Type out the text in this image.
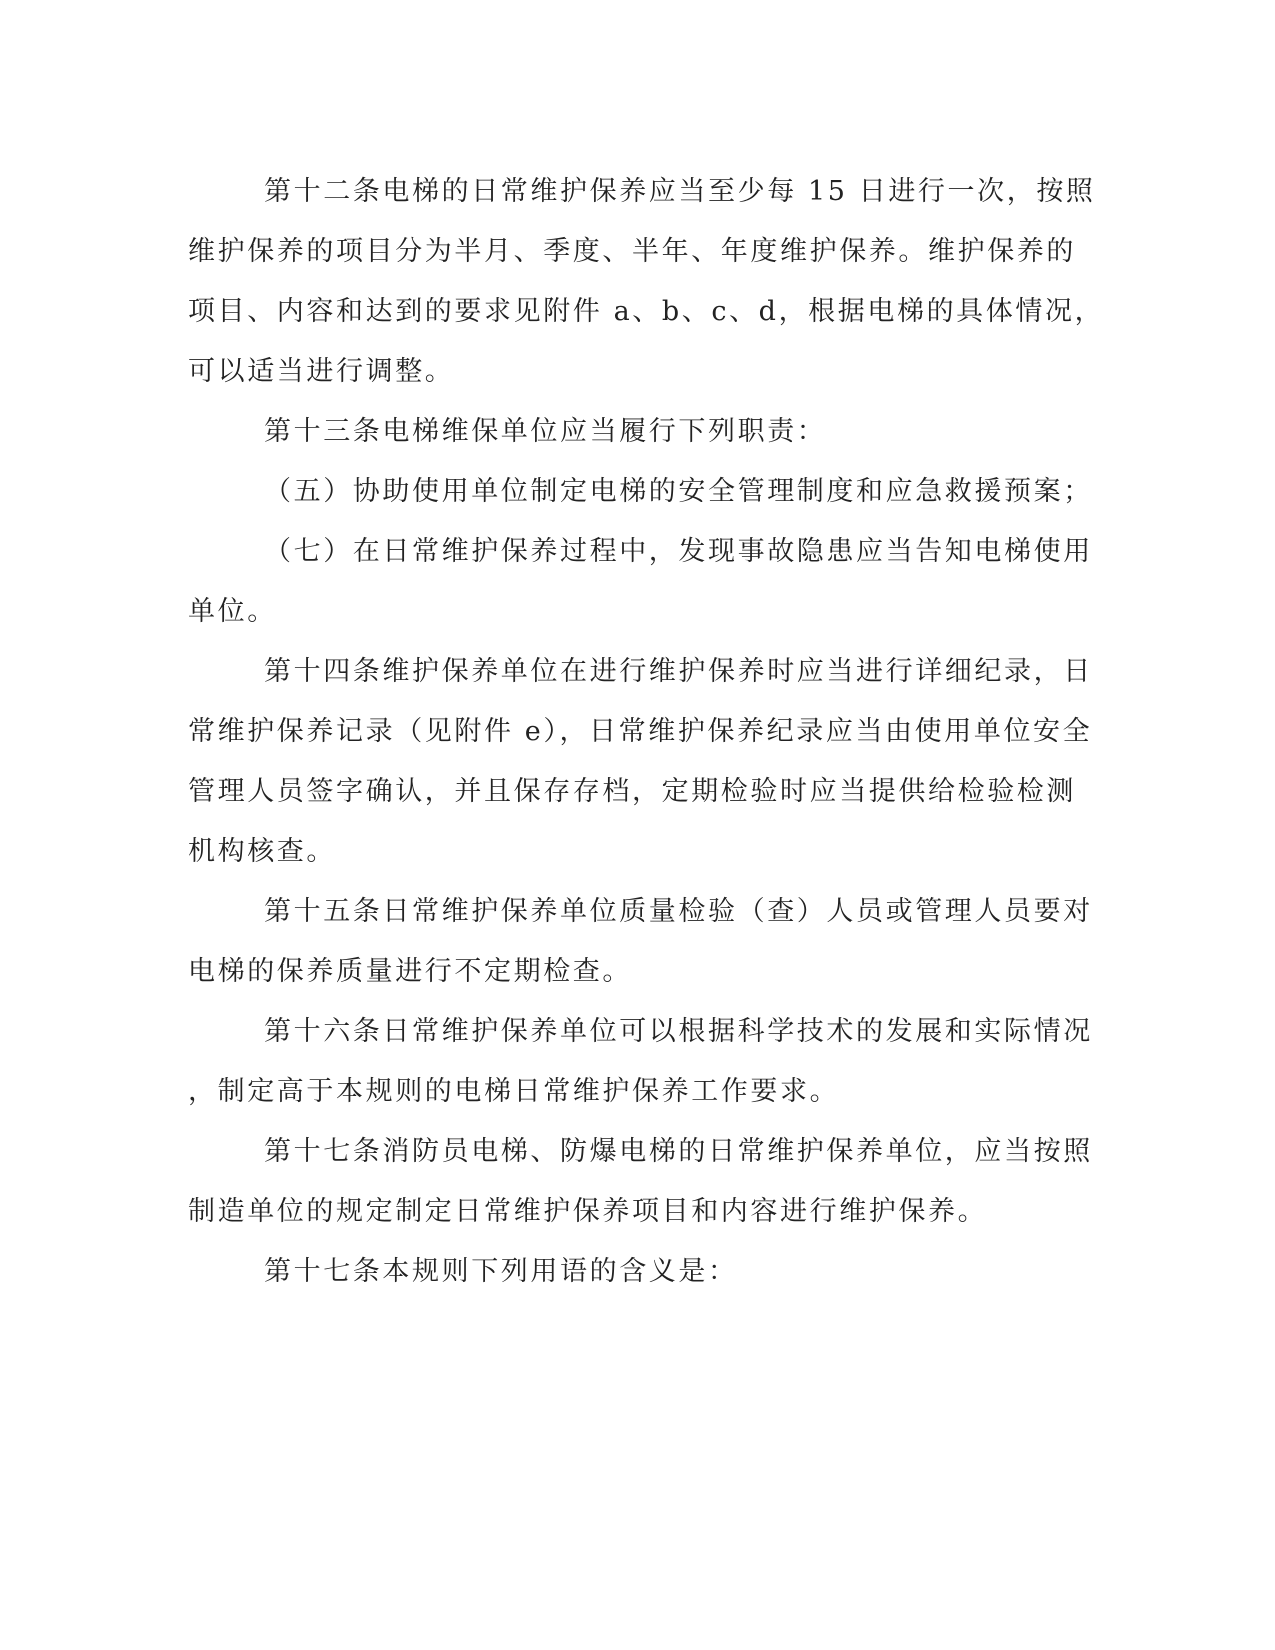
第十二条电梯的日常维护保养应当至少每 15 日进行一次，按照
维护保养的项目分为半月、季度、半年、年度维护保养。维护保养的
项目、内容和达到的要求见附件 a、b、c、d，根据电梯的具体情况，
可以适当进行调整。
第十三条电梯维保单位应当履行下列职责：
（五）协助使用单位制定电梯的安全管理制度和应急救援预案；
（七）在日常维护保养过程中，发现事故隐患应当告知电梯使用
单位。
第十四条维护保养单位在进行维护保养时应当进行详细纪录，日
常维护保养记录（见附件 e），日常维护保养纪录应当由使用单位安全
管理人员签字确认，并且保存存档，定期检验时应当提供给检验检测
机构核查。
第十五条日常维护保养单位质量检验（查）人员或管理人员要对
电梯的保养质量进行不定期检查。
第十六条日常维护保养单位可以根据科学技术的发展和实际情况
，制定高于本规则的电梯日常维护保养工作要求。
第十七条消防员电梯、防爆电梯的日常维护保养单位，应当按照
制造单位的规定制定日常维护保养项目和内容进行维护保养。
第十七条本规则下列用语的含义是：
